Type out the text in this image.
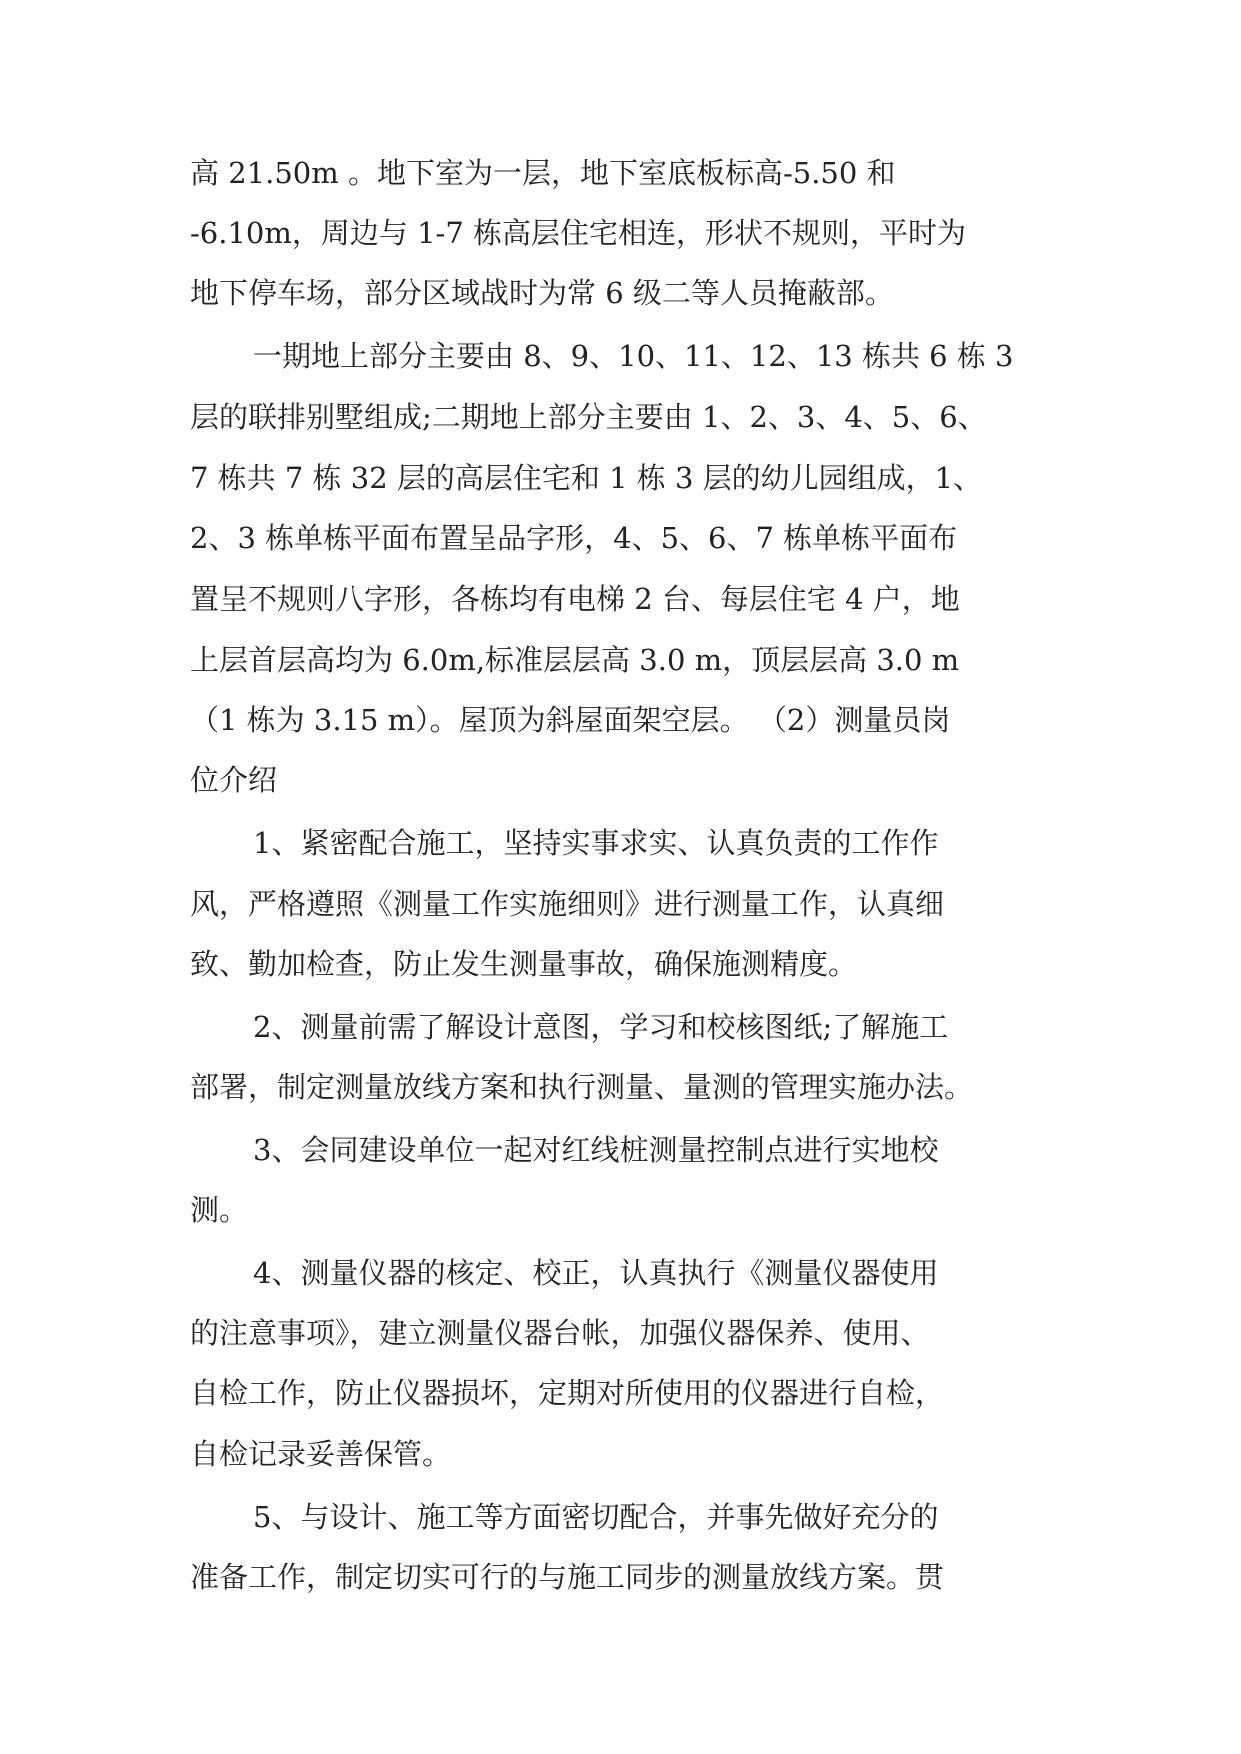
高 21.50m 。地下室为一层，地下室底板标高-5.50 和
-6.10m，周边与 1-7 栋高层住宅相连，形状不规则，平时为
地下停车场，部分区域战时为常 6 级二等人员掩蔽部。
一期地上部分主要由 8、9、10、11、12、13 栋共 6 栋 3
层的联排别墅组成;二期地上部分主要由 1、2、3、4、5、6、
7 栋共 7 栋 32 层的高层住宅和 1 栋 3 层的幼儿园组成，1、
2、3 栋单栋平面布置呈品字形，4、5、6、7 栋单栋平面布
置呈不规则八字形，各栋均有电梯 2 台、每层住宅 4 户，地
上层首层高均为 6.0m,标准层层高 3.0 m，顶层层高 3.0 m
（1 栋为 3.15 m）。屋顶为斜屋面架空层。 （2）测量员岗
位介绍
1、紧密配合施工，坚持实事求实、认真负责的工作作
风，严格遵照《测量工作实施细则》进行测量工作，认真细
致、勤加检查，防止发生测量事故，确保施测精度。
2、测量前需了解设计意图，学习和校核图纸;了解施工
部署，制定测量放线方案和执行测量、量测的管理实施办法。
3、会同建设单位一起对红线桩测量控制点进行实地校
测。
4、测量仪器的核定、校正，认真执行《测量仪器使用
的注意事项》，建立测量仪器台帐，加强仪器保养、使用、
自检工作，防止仪器损坏，定期对所使用的仪器进行自检，
自检记录妥善保管。
5、与设计、施工等方面密切配合，并事先做好充分的
准备工作，制定切实可行的与施工同步的测量放线方案。贯
